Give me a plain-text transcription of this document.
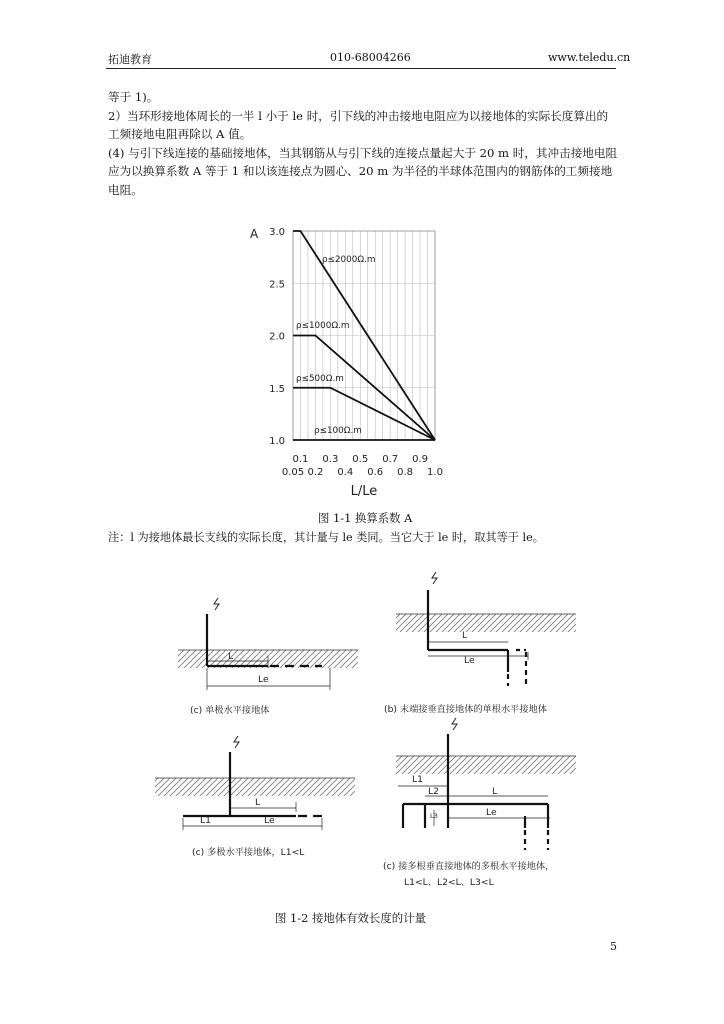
拓迪教育	010-68004266	www.teledu.cn

等于 1)。

2）当环形接地体周长的一半 l 小于 le 时，引下线的冲击接地电阻应为以接地体的实际长度算出的工频接地电阻再除以 A 值。

(4) 与引下线连接的基础接地体，当其钢筋从与引下线的连接点量起大于 20 m 时，其冲击接地电阻应为以换算系数 A 等于 1 和以该连接点为圆心、20 m 为半径的半球体范围内的钢筋体的工频接地电阻。

ρ≤2000Ω.m
ρ≤1000Ω.m
ρ≤500Ω.m
ρ≤100Ω.m
3.0
2.5
2.0
1.5
1.0
0.1 0.3 0.5 0.7 0.9
0.05 0.2 0.4 0.6 0.8 1.0
A
L/Le
图 1-1 换算系数 A
注：l 为接地体最长支线的实际长度，其计量与 le 类同。当它大于 le 时，取其等于 le。
L
Le
(c) 单极水平接地体
L
Le
(b) 末端接垂直接地体的单根水平接地体
L
L1	Le
(c) 多极水平接地体，L1<L
L1
L2	L
L3	Le
(c) 接多根垂直接地体的多根水平接地体，
L1<L、L2<L、L3<L
图 1-2 接地体有效长度的计量
5
